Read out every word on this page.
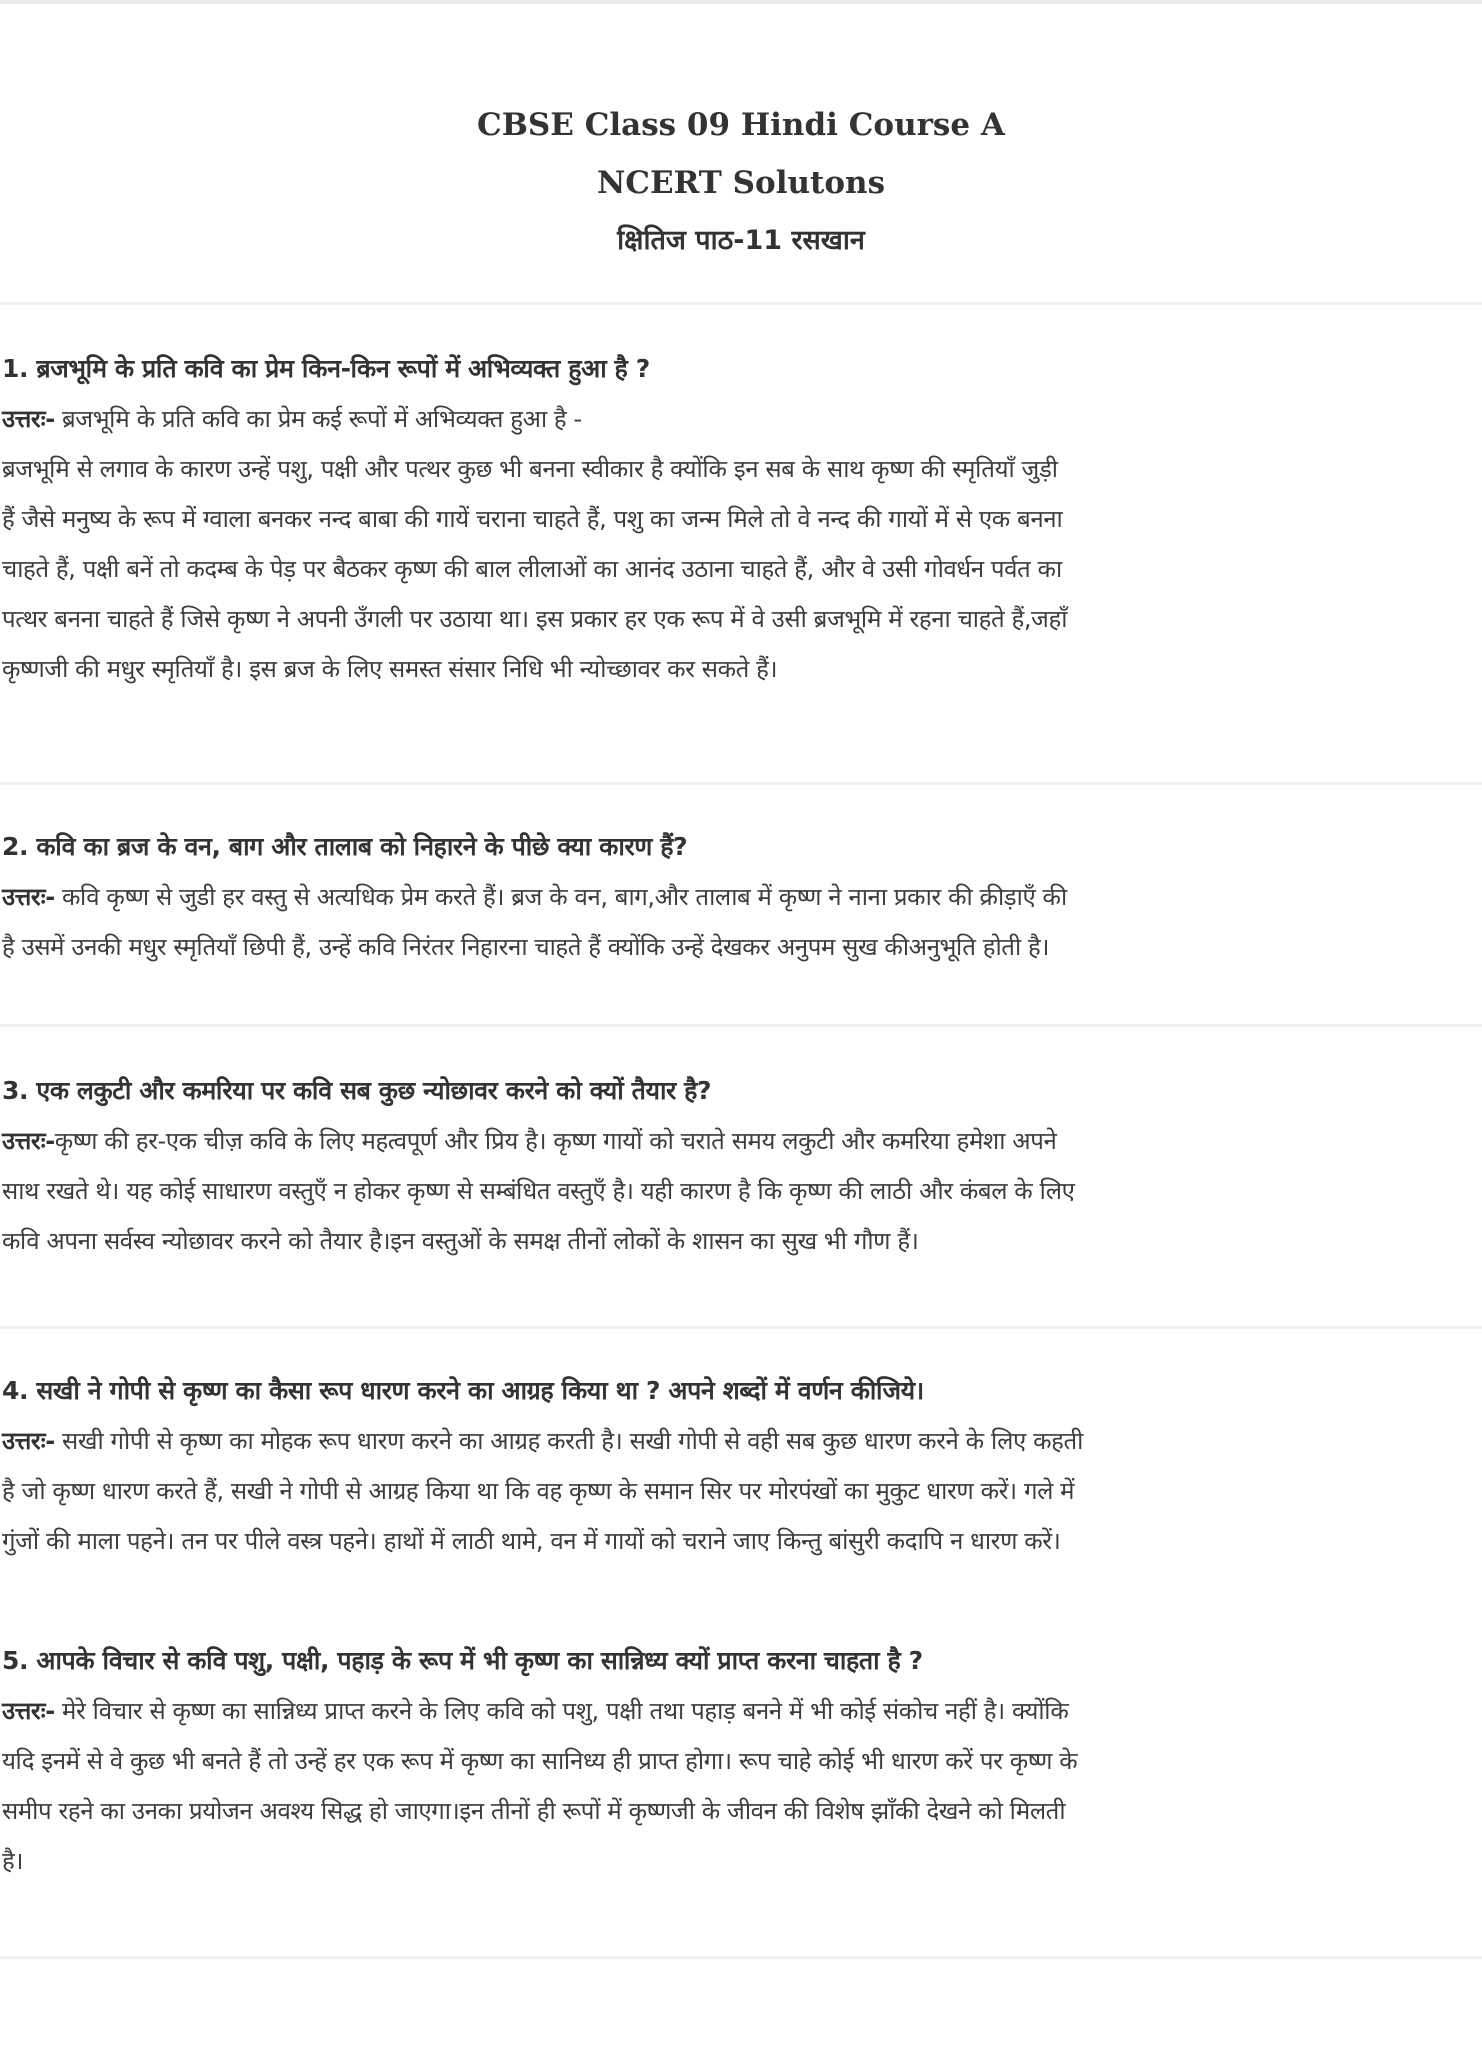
CBSE Class 09 Hindi Course A
NCERT Solutons
क्षितिज पाठ-11 रसखान
1. ब्रजभूमि के प्रति कवि का प्रेम किन-किन रूपों में अभिव्यक्त हुआ है ?
उत्तरः- ब्रजभूमि के प्रति कवि का प्रेम कई रूपों में अभिव्यक्त हुआ है -
ब्रजभूमि से लगाव के कारण उन्हें पशु, पक्षी और पत्थर कुछ भी बनना स्वीकार है क्योंकि इन सब के साथ कृष्ण की स्मृतियाँ जुड़ी
हैं जैसे मनुष्य के रूप में ग्वाला बनकर नन्द बाबा की गायें चराना चाहते हैं, पशु का जन्म मिले तो वे नन्द की गायों में से एक बनना
चाहते हैं, पक्षी बनें तो कदम्ब के पेड़ पर बैठकर कृष्ण की बाल लीलाओं का आनंद उठाना चाहते हैं, और वे उसी गोवर्धन पर्वत का
पत्थर बनना चाहते हैं जिसे कृष्ण ने अपनी उँगली पर उठाया था। इस प्रकार हर एक रूप में वे उसी ब्रजभूमि में रहना चाहते हैं,जहाँ
कृष्णजी की मधुर स्मृतियाँ है। इस ब्रज के लिए समस्त संसार निधि भी न्योच्छावर कर सकते हैं।
2. कवि का ब्रज के वन, बाग और तालाब को निहारने के पीछे क्या कारण हैं?
उत्तरः- कवि कृष्ण से जुडी हर वस्तु से अत्यधिक प्रेम करते हैं। ब्रज के वन, बाग,और तालाब में कृष्ण ने नाना प्रकार की क्रीड़ाएँ की
है उसमें उनकी मधुर स्मृतियाँ छिपी हैं, उन्हें कवि निरंतर निहारना चाहते हैं क्योंकि उन्हें देखकर अनुपम सुख कीअनुभूति होती है।
3. एक लकुटी और कमरिया पर कवि सब कुछ न्योछावर करने को क्यों तैयार है?
उत्तरः-कृष्ण की हर-एक चीज़ कवि के लिए महत्वपूर्ण और प्रिय है। कृष्ण गायों को चराते समय लकुटी और कमरिया हमेशा अपने
साथ रखते थे। यह कोई साधारण वस्तुएँ न होकर कृष्ण से सम्बंधित वस्तुएँ है। यही कारण है कि कृष्ण की लाठी और कंबल के लिए
कवि अपना सर्वस्व न्योछावर करने को तैयार है।इन वस्तुओं के समक्ष तीनों लोकों के शासन का सुख भी गौण हैं।
4. सखी ने गोपी से कृष्ण का कैसा रूप धारण करने का आग्रह किया था ? अपने शब्दों में वर्णन कीजिये।
उत्तरः- सखी गोपी से कृष्ण का मोहक रूप धारण करने का आग्रह करती है। सखी गोपी से वही सब कुछ धारण करने के लिए कहती
है जो कृष्ण धारण करते हैं, सखी ने गोपी से आग्रह किया था कि वह कृष्ण के समान सिर पर मोरपंखों का मुकुट धारण करें। गले में
गुंजों की माला पहने। तन पर पीले वस्त्र पहने। हाथों में लाठी थामे, वन में गायों को चराने जाए किन्तु बांसुरी कदापि न धारण करें।
5. आपके विचार से कवि पशु, पक्षी, पहाड़ के रूप में भी कृष्ण का सान्निध्य क्यों प्राप्त करना चाहता है ?
उत्तरः- मेरे विचार से कृष्ण का सान्निध्य प्राप्त करने के लिए कवि को पशु, पक्षी तथा पहाड़ बनने में भी कोई संकोच नहीं है। क्योंकि
यदि इनमें से वे कुछ भी बनते हैं तो उन्हें हर एक रूप में कृष्ण का सानिध्य ही प्राप्त होगा। रूप चाहे कोई भी धारण करें पर कृष्ण के
समीप रहने का उनका प्रयोजन अवश्य सिद्ध हो जाएगा।इन तीनों ही रूपों में कृष्णजी के जीवन की विशेष झाँकी देखने को मिलती
है।
